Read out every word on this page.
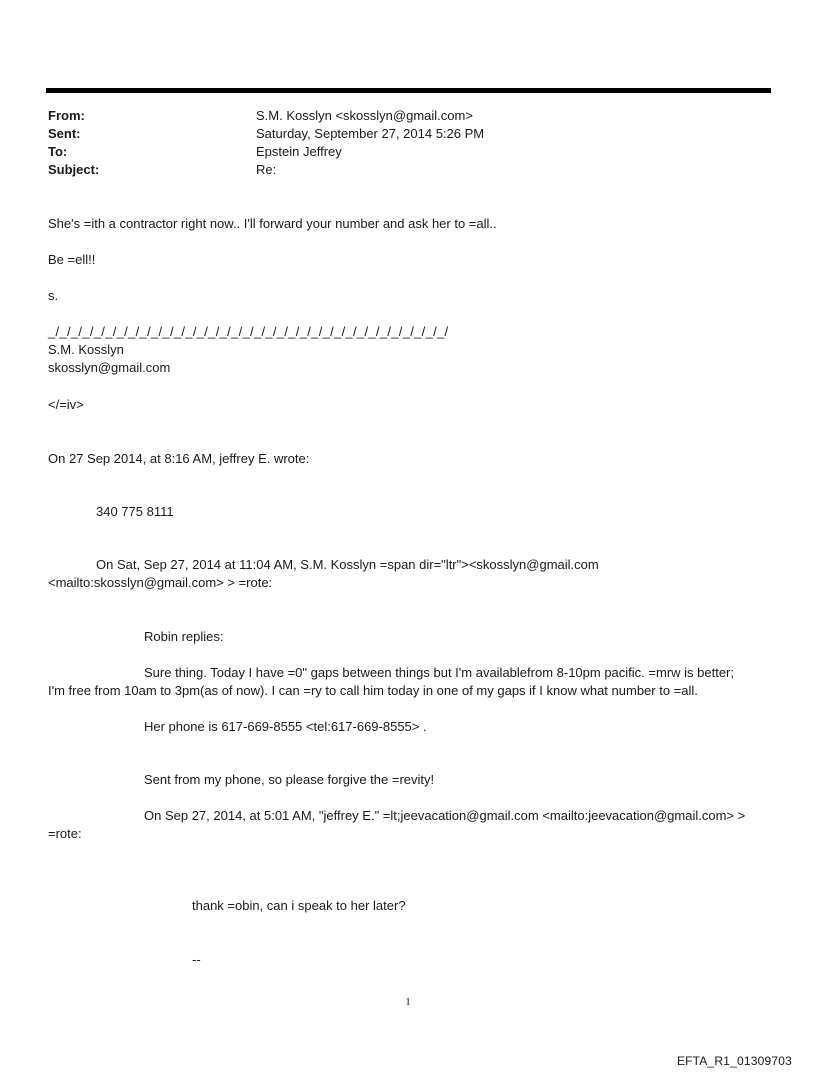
From:	S.M. Kosslyn <skosslyn@gmail.com>
Sent:	Saturday, September 27, 2014 5:26 PM
To:	Epstein Jeffrey
Subject:	Re:
She's =ith a contractor right now.. I'll forward your number and ask her to =all..
Be =ell!!
s.
_/_/_/_/_/_/_/_/_/_/_/_/_/_/_/_/_/_/_/_/_/_/_/_/_/_/_/_/_/_/_/_/_/_/_/
S.M. Kosslyn
skosslyn@gmail.com
</=iv>
On 27 Sep 2014, at 8:16 AM, jeffrey E. wrote:
340 775 8111
On Sat, Sep 27, 2014 at 11:04 AM, S.M. Kosslyn =span dir="ltr"><skosslyn@gmail.com
<mailto:skosslyn@gmail.com> > =rote:
Robin replies:
Sure thing. Today I have =0" gaps between things but I'm availablefrom 8-10pm pacific. =mrw is better;
I'm free from 10am to 3pm(as of now). I can =ry to call him today in one of my gaps if I know what number to =all.
Her phone is 617-669-8555 <tel:617-669-8555> .
Sent from my phone, so please forgive the =revity!
On Sep 27, 2014, at 5:01 AM, "jeffrey E." =lt;jeevacation@gmail.com <mailto:jeevacation@gmail.com> >
=rote:
thank =obin, can i speak to her later?
--
1
EFTA_R1_01309703
